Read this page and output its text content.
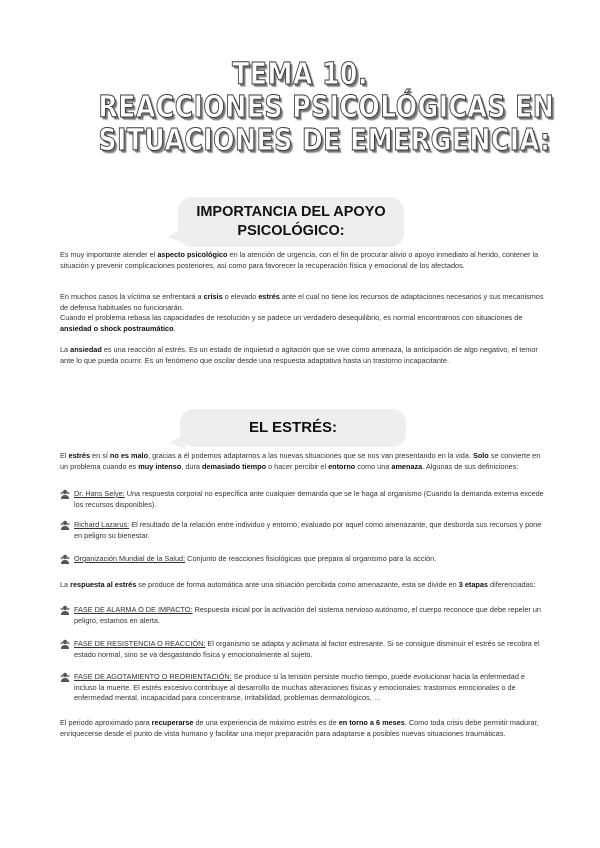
TEMA 10.
REACCIONES PSICOLÓGICAS EN
SITUACIONES DE EMERGENCIA:
IMPORTANCIA DEL APOYO
PSICOLÓGICO:
Es muy importante atender el aspecto psicológico en la atención de urgencia, con el fin de procurar alivio o apoyo inmediato al herido, contener la situación y prevenir complicaciones posteriores, así como para favorecer la recuperación física y emocional de los afectados.
En muchos casos la víctima se enfrentará a crisis o elevado estrés ante el cual no tiene los recursos de adaptaciones necesarios y sus mecanismos de defensa habituales no funcionarán.
Cuando el problema rebasa las capacidades de resolución y se padece un verdadero desequilibrio, es normal encontrarnos con situaciones de ansiedad o shock postraumático.
La ansiedad es una reacción al estrés. Es un estado de inquietud o agitación que se vive como amenaza, la anticipación de algo negativo, el temor ante lo que pueda ocurrir. Es un fenómeno que oscilar desde una respuesta adaptativa hasta un trastorno incapacitante.
EL ESTRÉS:
El estrés en sí no es malo, gracias a él podemos adaptarnos a las nuevas situaciones que se nos van presentando en la vida. Solo se convierte en un problema cuando es muy intenso, dura demasiado tiempo o hacer percibir el entorno como una amenaza. Algunas de sus definiciones:
Dr. Hans Selye: Una respuesta corporal no específica ante cualquier demanda que se le haga al organismo (Cuando la demanda externa excede los recursos disponibles).
Richard Lazarus: El resultado de la relación entre individuo y entorno, evaluado por aquel como amenazante, que desborda sus recursos y pone en peligro su bienestar.
Organización Mundial de la Salud: Conjunto de reacciones fisiológicas que prepara al organismo para la acción.
La respuesta al estrés se produce de forma automática ante una situación percibida como amenazante, esta se divide en 3 etapas diferenciadas:
FASE DE ALARMA O DE IMPACTO: Respuesta inicial por la activación del sistema nervioso autónomo, el cuerpo reconoce que debe repeler un peligro, estamos en alerta.
FASE DE RESISTENCIA O REACCIÓN: El organismo se adapta y aclimata al factor estresante. Si se consigue disminuir el estrés se recobra el estado normal, sino se va desgastando física y emocionalmente al sujeto.
FASE DE AGOTAMIENTO O REORIENTACIÓN: Se produce si la tensión persiste mucho tiempo, puede evolucionar hacia la enfermedad e incluso la muerte. El estrés excesivo contribuye al desarrollo de muchas alteraciones físicas y emocionales: trastornos emocionales o de enfermedad mental, incapacidad para concentrarse, irritabilidad, problemas dermatológicos, …
El periodo aproximado para recuperarse de una experiencia de máximo estrés es de en torno a 6 meses. Como toda crisis debe permitir madurar, enriquecerse desde el punto de vista humano y facilitar una mejor preparación para adaptarse a posibles nuevas situaciones traumáticas.
